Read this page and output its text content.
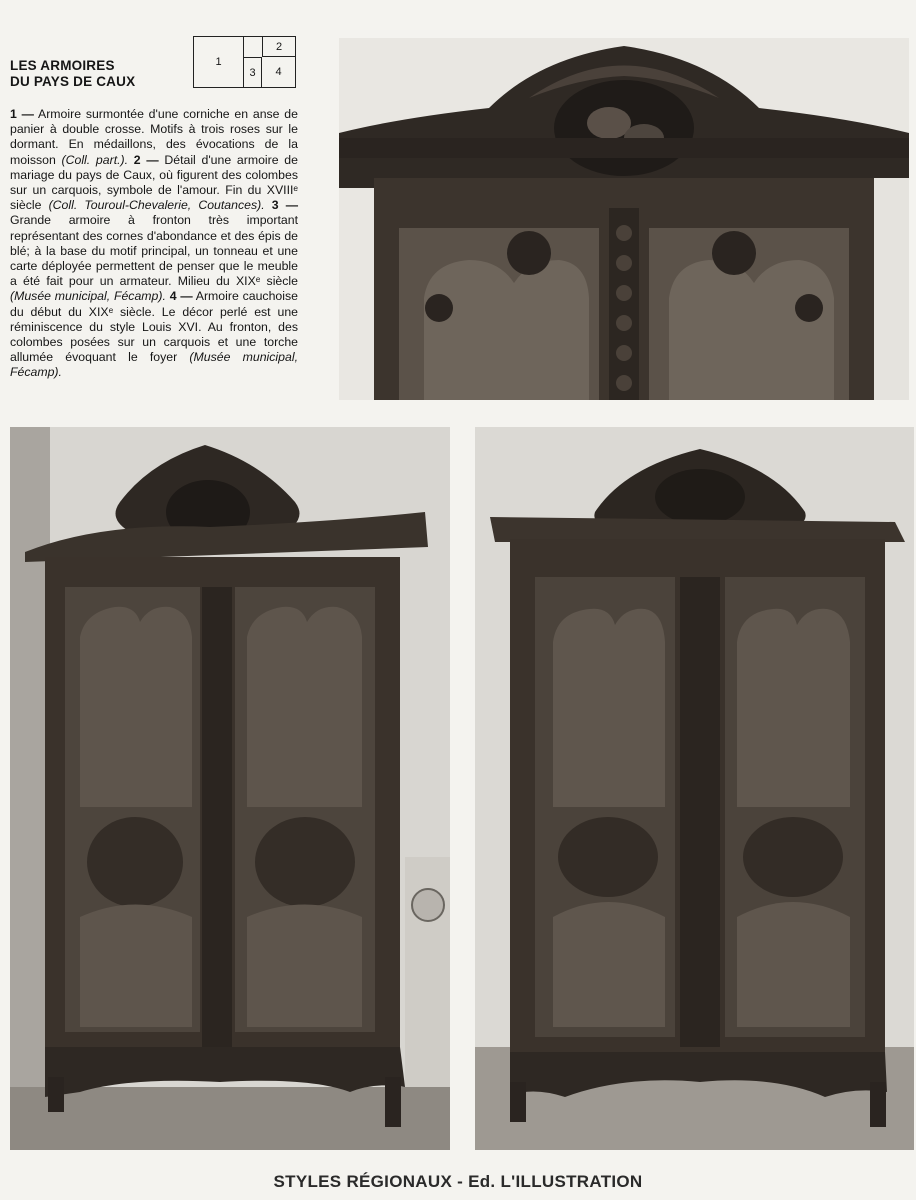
LES ARMOIRES
DU PAYS DE CAUX
1
2
3	4

1 — Armoire surmontée d'une corniche en anse de panier à double crosse. Motifs à trois roses sur le dormant. En médaillons, des évocations de la moisson (Coll. part.).

2 — Détail d'une armoire de mariage du pays de Caux, où figurent des colombes sur un carquois, symbole de l'amour. Fin du XVIIIᵉ siècle (Coll. Touroul-Chevalerie, Coutances).

3 — Grande armoire à fronton très important représentant des cornes d'abondance et des épis de blé; à la base du motif principal, un tonneau et une carte déployée permettent de penser que le meuble a été fait pour un armateur. Milieu du XIXᵉ siècle (Musée municipal, Fécamp).

4 — Armoire cauchoise du début du XIXᵉ siècle. Le décor perlé est une réminiscence du style Louis XVI. Au fronton, des colombes posées sur un carquois et une torche allumée évoquant le foyer (Musée municipal, Fécamp).

STYLES RÉGIONAUX - Ed. L'ILLUSTRATION
